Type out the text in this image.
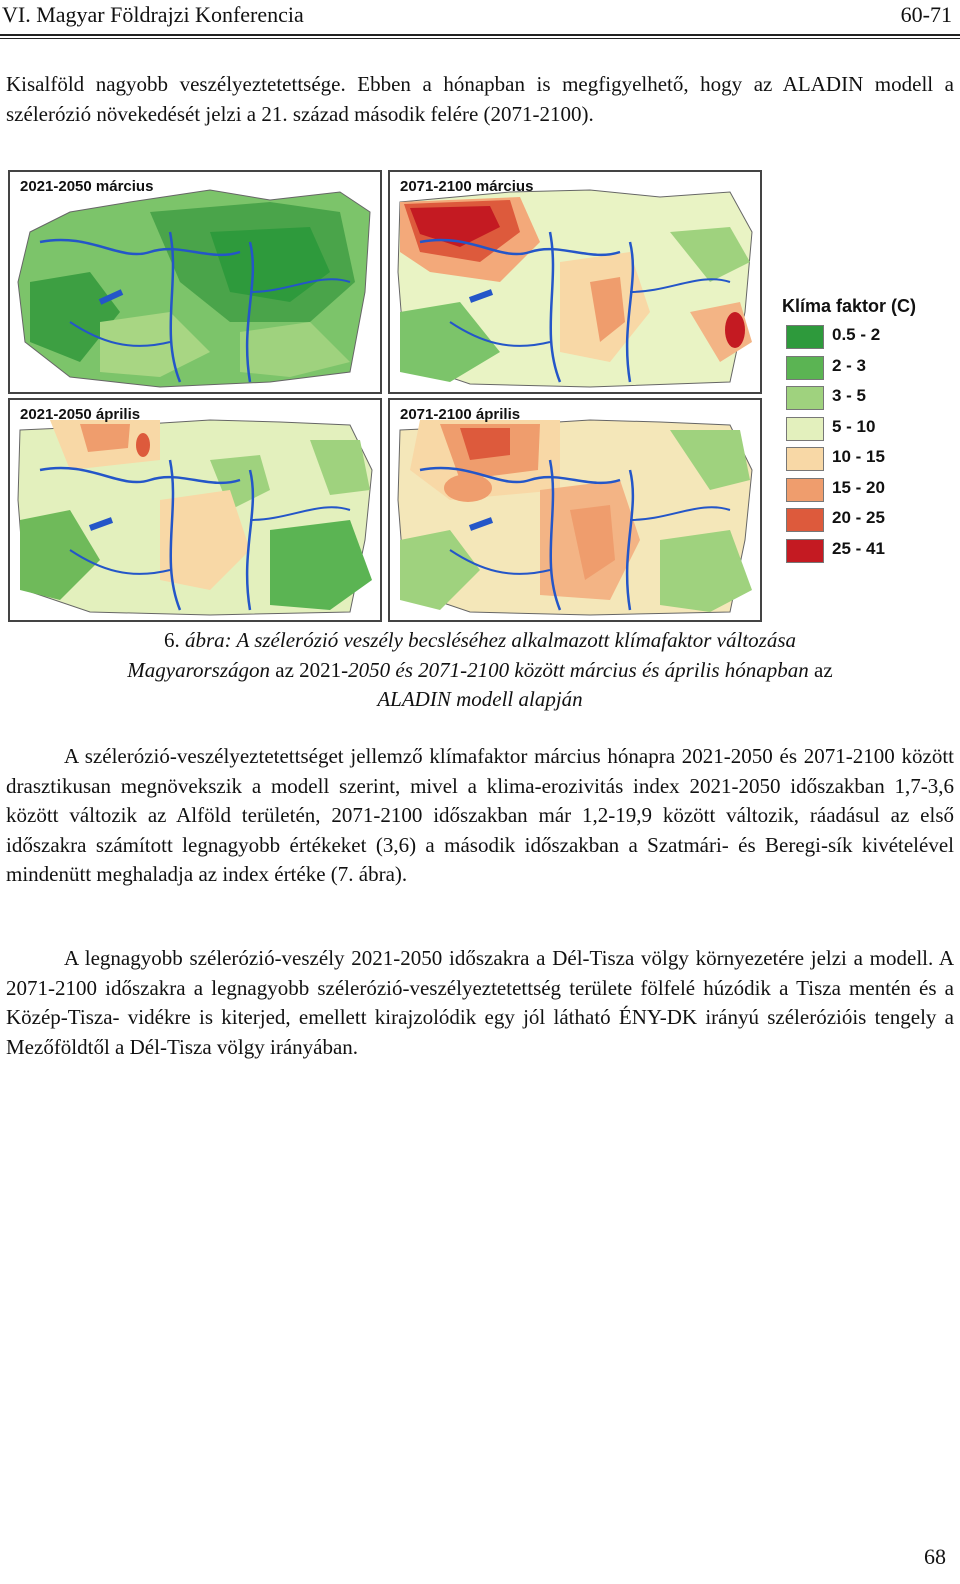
VI. Magyar Földrajzi Konferencia	60-71

Kisalföld nagyobb veszélyeztetettsége. Ebben a hónapban is megfigyelhető, hogy az ALADIN modell a szélerózió növekedését jelzi a 21. század második felére (2071-2100).

2021-2050 március	2071-2100 március
2021-2050 április	2071-2100 április
Klíma faktor (C)
0.5 - 2
2 - 3
3 - 5
5 - 10
10 - 15
15 - 20
20 - 25
25 - 41
6. ábra: A szélerózió veszély becsléséhez alkalmazott klímafaktor változása
Magyarországon az 2021-2050 és 2071-2100 között március és április hónapban az
ALADIN modell alapján

A szélerózió-veszélyeztetettséget jellemző klímafaktor március hónapra 2021-2050 és 2071-2100 között drasztikusan megnövekszik a modell szerint, mivel a klima-erozivitás index 2021-2050 időszakban 1,7-3,6 között változik az Alföld területén, 2071-2100 időszakban már 1,2-19,9 között változik, ráadásul az első időszakra számított legnagyobb értékeket (3,6) a második időszakban a Szatmári- és Beregi-sík kivételével mindenütt meghaladja az index értéke (7. ábra).

A legnagyobb szélerózió-veszély 2021-2050 időszakra a Dél-Tisza völgy környezetére jelzi a modell. A 2071-2100 időszakra a legnagyobb szélerózió-veszélyeztetettség területe fölfelé húzódik a Tisza mentén és a Közép-Tisza- vidékre is kiterjed, emellett kirajzolódik egy jól látható ÉNY-DK irányú szélerózióis tengely a Mezőföldtől a Dél-Tisza völgy irányában.

68
